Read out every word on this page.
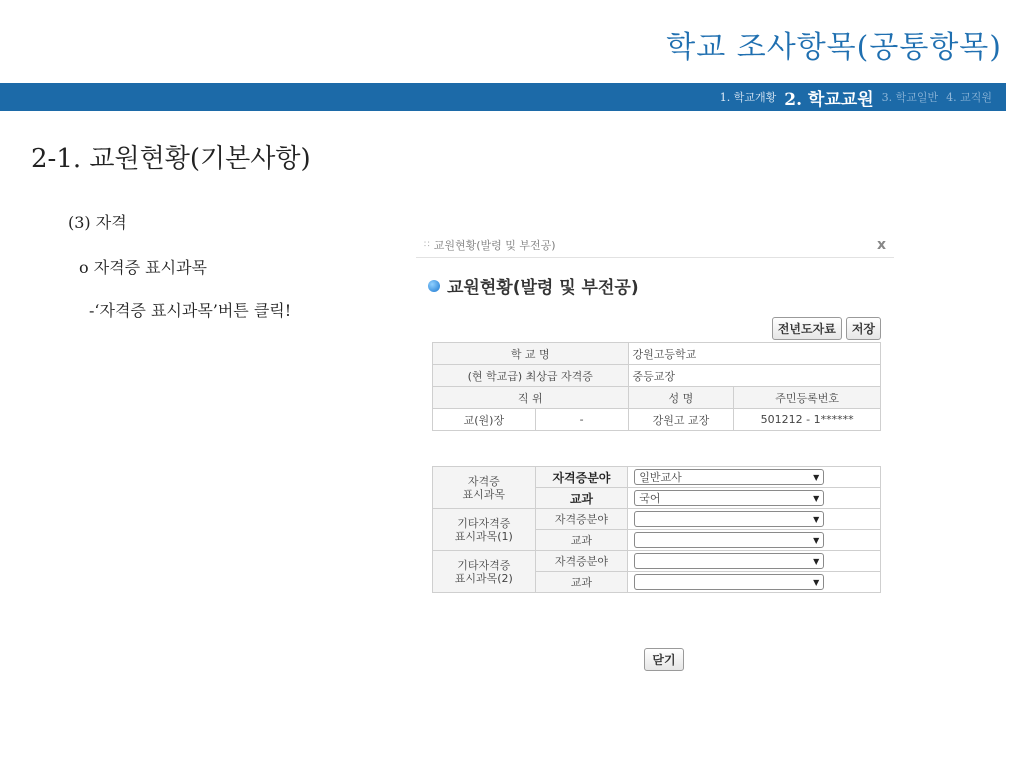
학교 조사항목(공통항목)
1. 학교개황 2. 학교교원 3. 학교일반 4. 교직원
2-1. 교원현황(기본사항)
(3) 자격
o 자격증 표시과목
-‘자격증 표시과목’버튼 클릭!
∷ 교원현황(발령 및 부전공)	x
교원현황(발령 및 부전공)
전년도자료	저장
학 교 명		강원고등학교	
(현 학교급) 최상급 자격증		중등교장	
직 위		성 명	주민등록번호
교(원)장	-	강원고 교장	501212 - 1******
자격증
표시과목	자격증분야	일반교사 ▼

	교과	국어 ▼

기타자격증
표시과목(1)	자격증분야	▼

	교과	▼

기타자격증
표시과목(2)	자격증분야	▼

	교과	▼
닫기
